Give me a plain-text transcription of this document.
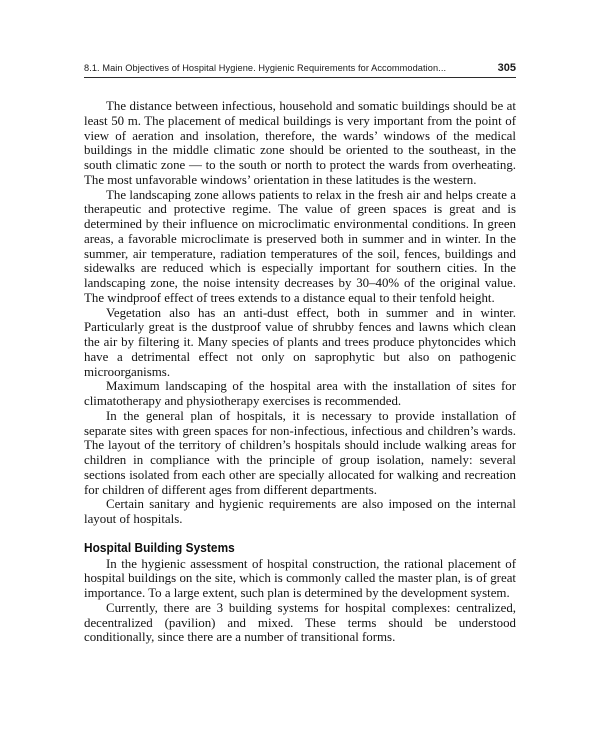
8.1. Main Objectives of Hospital Hygiene. Hygienic Requirements for Accommodation...	305

The distance between infectious, household and somatic buildings should be at least 50 m. The placement of medical buildings is very important from the point of view of aeration and insolation, therefore, the wards’ windows of the medical buildings in the middle climatic zone should be oriented to the southeast, in the south climatic zone — to the south or north to protect the wards from overheating. The most unfavorable windows’ orientation in these latitudes is the western.

The landscaping zone allows patients to relax in the fresh air and helps create a therapeutic and protective regime. The value of green spaces is great and is determined by their influence on microclimatic environmental conditions. In green areas, a favorable microclimate is preserved both in summer and in winter. In the summer, air temperature, radiation temperatures of the soil, fences, buildings and sidewalks are reduced which is especially important for southern cities. In the landscaping zone, the noise intensity decreases by 30–40% of the original value. The windproof effect of trees extends to a distance equal to their tenfold height.

Vegetation also has an anti-dust effect, both in summer and in winter. Particularly great is the dustproof value of shrubby fences and lawns which clean the air by filtering it. Many species of plants and trees produce phytoncides which have a detrimental effect not only on saprophytic but also on pathogenic microorganisms.

Maximum landscaping of the hospital area with the installation of sites for climatotherapy and physiotherapy exercises is recommended.

In the general plan of hospitals, it is necessary to provide installation of separate sites with green spaces for non-infectious, infectious and children’s wards. The layout of the territory of children’s hospitals should include walking areas for children in compliance with the principle of group isolation, namely: several sections isolated from each other are specially allocated for walking and recreation for children of different ages from different departments.

Certain sanitary and hygienic requirements are also imposed on the internal layout of hospitals.

Hospital Building Systems

In the hygienic assessment of hospital construction, the rational placement of hospital buildings on the site, which is commonly called the master plan, is of great importance. To a large extent, such plan is determined by the development system.

Currently, there are 3 building systems for hospital complexes: centralized, decentralized (pavilion) and mixed. These terms should be understood conditionally, since there are a number of transitional forms.
